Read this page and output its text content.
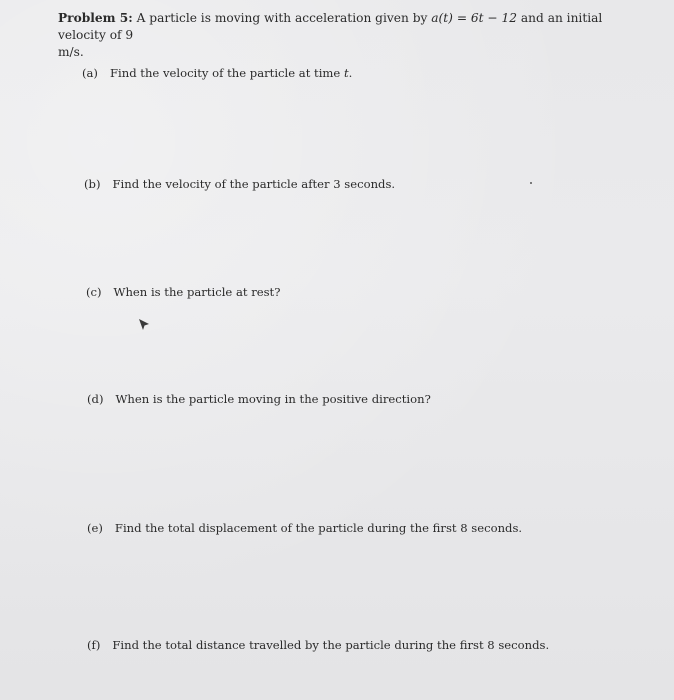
Problem 5: A particle is moving with acceleration given by a(t) = 6t − 12 and an initial velocity of 9
m/s.
(a) Find the velocity of the particle at time t.
(b) Find the velocity of the particle after 3 seconds.
(c) When is the particle at rest?
(d) When is the particle moving in the positive direction?
(e) Find the total displacement of the particle during the first 8 seconds.
(f) Find the total distance travelled by the particle during the first 8 seconds.
